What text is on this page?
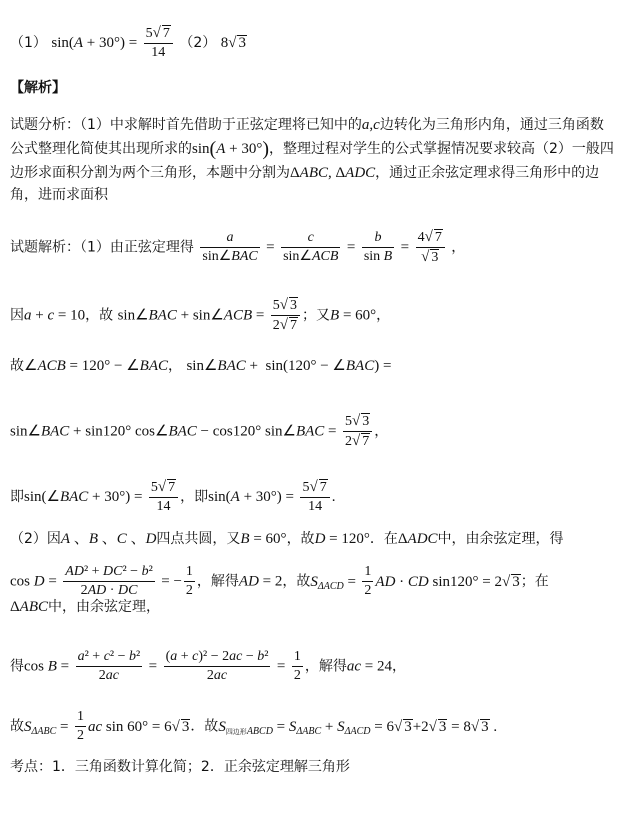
（1） $\sin(A + 30^\circ) = \frac{5√ 7}{14} (2)$ 8√ 3
【解析】
试题分析：（1）中求解时首先借助于正弦定理将已知中的a,c边转化为三角形内角，通过三角函数
公式整理化简使其出现所求的sin(A + 30°)，整理过程对学生的公式掌握情况要求较高（2）一般四
边形求面积分割为两个三角形，本题中分割为ΔABC, ΔADC，通过正余弦定理求得三角形中的边
角，进而求面积
试题解析：（1）由正弦定理得 $\frac{a}{\text{sin∠BAC}} = \frac{c}{\text{sin∠ACB}} = \frac{b}{\text{sin B}} = \frac{4√ 7}{√ 3}$ ，
因a + c = 10，故 sin∠BAC + sin∠ACB = $\frac{5√ 3}{2√ 7}$ ；又B = 60°，
故∠ACB = 120° − ∠BAC， sin∠BAC +  sin(120° − ∠BAC) =
sin∠BAC + sin120° cos∠BAC − cos120° sin∠BAC = $\frac{5√ 3}{2√ 7}$ ，
即sin(∠BAC + $30^\circ) = \frac{5√ 7}{14}$ ，即$\sin(A + 30^\circ) = \frac{5√ 7}{14}$ .
（2）因A 、B 、C 、D四点共圆，又B = 60°，故D = 120°．在ΔADC中，由余弦定理，得
$\cos D = \frac{\text{AD² + DC² − b²}}{2AD \cdot DC}$ = − $\frac{1}{2}$ ，解得AD = 2，故$S_{\Delta ACD} = \frac{1}{2}$ AD · CD sin120° = 2√ 3；在
ΔABC中，由余弦定理，
得$\cos B = \frac{\text{a² + c² − b²}}{2ac} = \frac{\text{(a + c)² − 2ac − b²}}{2ac} = \frac{1}{2}$ ，解得ac = 24，
故$S_{\Delta ABC} = \frac{1}{2}$ ac sin 60° = 6√ 3．故$S_{四边形ABCD} = S_{\Delta ABC} + S_{\Delta ACD} = 6√$ 3+2√ 3 = 8√ 3 .
考点：1．三角函数计算化简；2．正余弦定理解三角形
